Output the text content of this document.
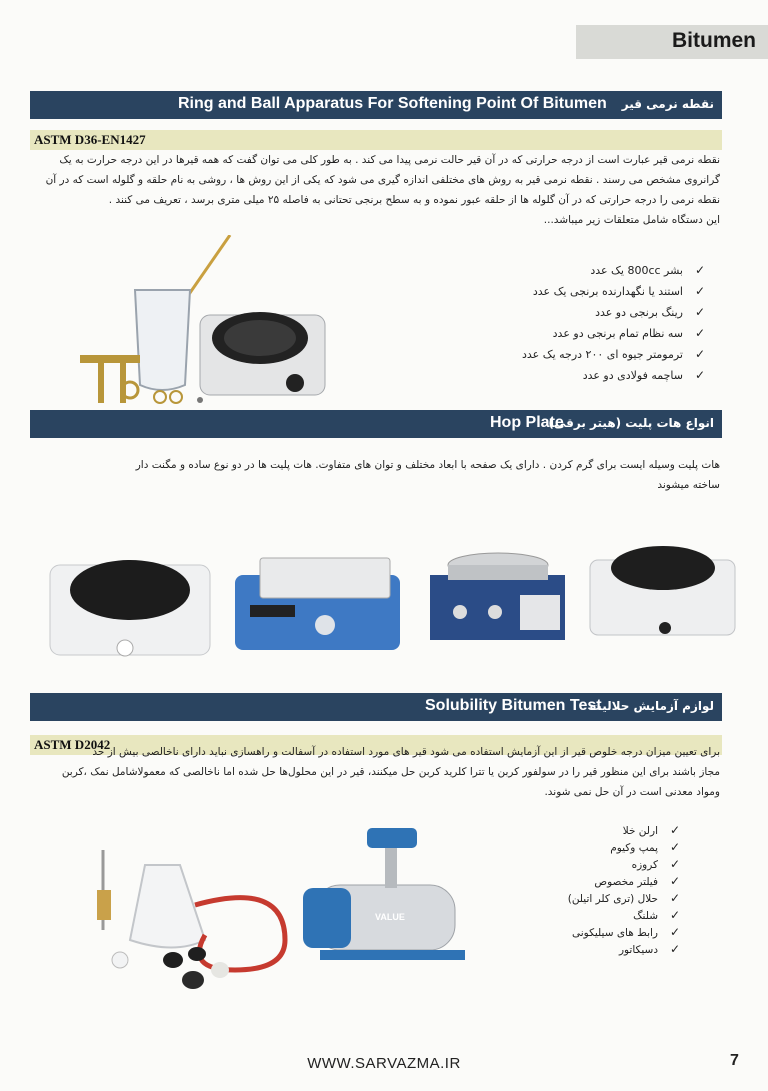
Bitumen
Ring and Ball Apparatus For Softening Point Of Bitumen نقطه نرمی قیر
ASTM D36-EN1427
نقطه نرمی قیر عبارت است از درجه حرارتی که در آن قیر حالت نرمی پیدا می کند . به طور کلی می توان گفت که همه قیرها در این درجه حرارت به یک
گرانروی مشخص می رسند . نقطه نرمی قیر به روش های مختلفی اندازه گیری می شود که یکی از این روش ها ، روشی به نام حلقه و گلوله است که در آن
نقطه نرمی را درجه حرارتی که در آن گلوله ها از حلقه عبور نموده و به سطح برنجی تحتانی به فاصله ۲۵ میلی متری برسد ، تعریف می کنند .
این دستگاه شامل متعلقات زیر میباشد...
✓بشر 800cc یک عدد
✓استند یا نگهدارنده برنجی یک عدد
✓رینگ برنجی دو عدد
✓سه نظام تمام برنجی دو عدد
✓ترمومتر جیوه ای ۲۰۰ درجه یک عدد
✓ساچمه فولادی دو عدد
Hop Plate
انواع هات پلیت (هیتر برقی)
هات پلیت وسیله ایست برای گرم کردن . دارای یک صفحه با ابعاد مختلف و توان های متفاوت. هات پلیت ها در دو نوع ساده و مگنت دار
ساخته میشوند
Solubility Bitumen Test
لوازم آزمایش حلالیت
ASTM D2042
برای تعیین میزان درجه خلوص قیر از این آزمایش استفاده می شود قیر های مورد استفاده در آسفالت و راهسازی نباید دارای ناخالصی بیش از حد
مجاز باشند برای این منظور قیر را در سولفور کربن یا تترا کلرید کربن حل میکنند، قیر در این محلول‌ها حل شده اما ناخالصی که معمولاشامل نمک ،کربن
ومواد معدنی است در آن حل نمی شوند.
✓ارلن خلا
✓پمپ وکیوم
✓کروزه
✓فیلتر مخصوص
✓حلال (تری کلر اتیلن)
✓شلنگ
✓رابط های سیلیکونی
✓دسیکاتور
VALUE
WWW.SARVAZMA.IR	7
